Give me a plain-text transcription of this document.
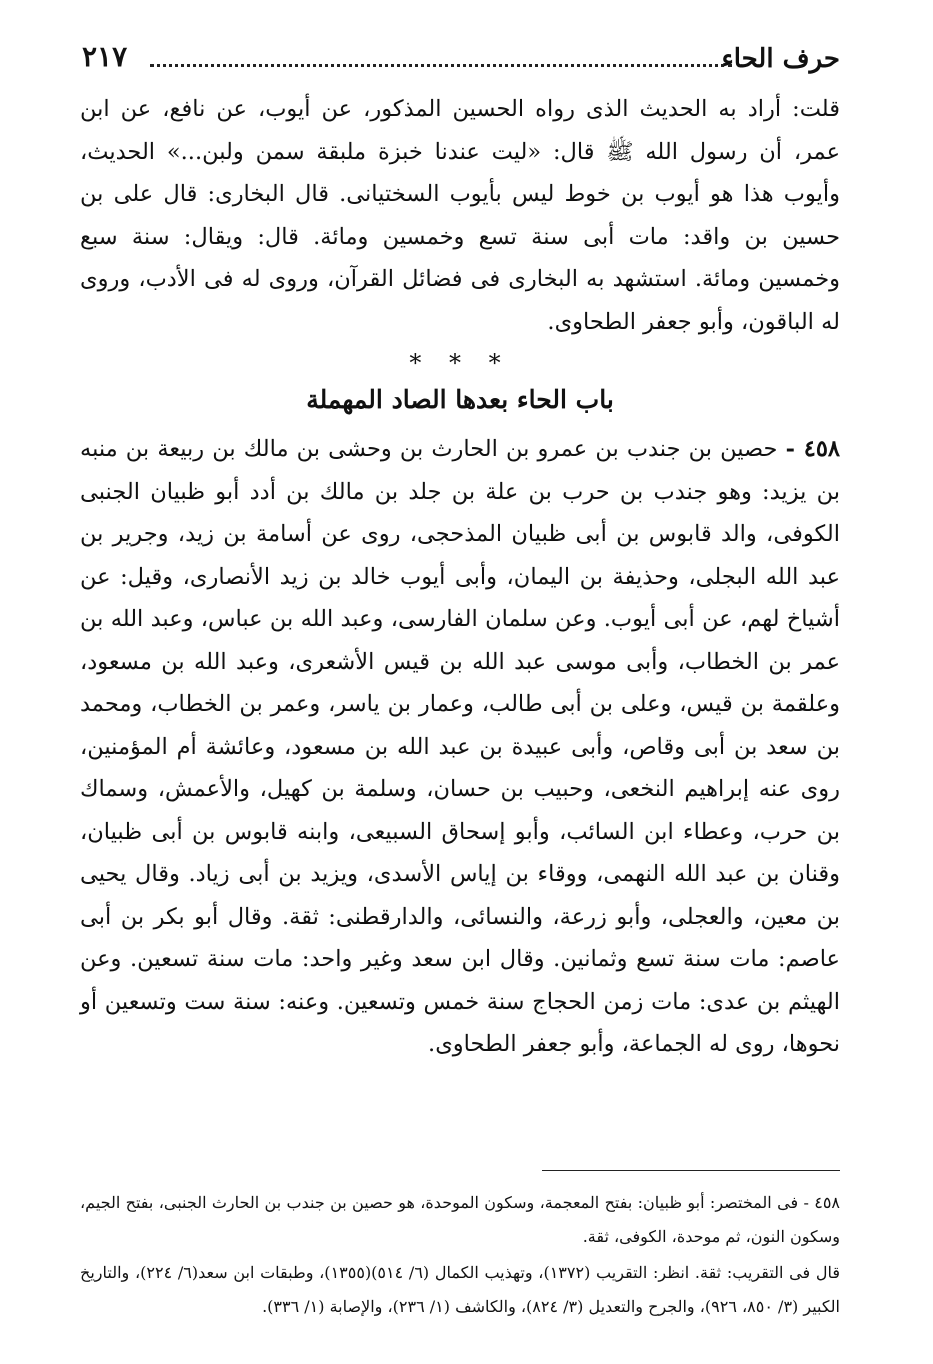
حرف الحاء
٢١٧

قلت: أراد به الحديث الذى رواه الحسين المذكور، عن أيوب، عن نافع، عن ابن عمر، أن رسول الله ﷺ قال: «ليت عندنا خبزة ملبقة سمن ولبن...» الحديث، وأيوب هذا هو أيوب بن خوط ليس بأيوب السختيانى. قال البخارى: قال على بن حسين بن واقد: مات أبى سنة تسع وخمسين ومائة. قال: ويقال: سنة سبع وخمسين ومائة. استشهد به البخارى فى فضائل القرآن، وروى له فى الأدب، وروى له الباقون، وأبو جعفر الطحاوى.

* * *
باب الحاء بعدها الصاد المهملة

٤٥٨ - حصين بن جندب بن عمرو بن الحارث بن وحشى بن مالك بن ربيعة بن منبه بن يزيد: وهو جندب بن حرب بن علة بن جلد بن مالك بن أدد أبو ظبيان الجنبى الكوفى، والد قابوس بن أبى ظبيان المذحجى، روى عن أسامة بن زيد، وجرير بن عبد الله البجلى، وحذيفة بن اليمان، وأبى أيوب خالد بن زيد الأنصارى، وقيل: عن أشياخ لهم، عن أبى أيوب. وعن سلمان الفارسى، وعبد الله بن عباس، وعبد الله بن عمر بن الخطاب، وأبى موسى عبد الله بن قيس الأشعرى، وعبد الله بن مسعود، وعلقمة بن قيس، وعلى بن أبى طالب، وعمار بن ياسر، وعمر بن الخطاب، ومحمد بن سعد بن أبى وقاص، وأبى عبيدة بن عبد الله بن مسعود، وعائشة أم المؤمنين، روى عنه إبراهيم النخعى، وحبيب بن حسان، وسلمة بن كهيل، والأعمش، وسماك بن حرب، وعطاء ابن السائب، وأبو إسحاق السبيعى، وابنه قابوس بن أبى ظبيان، وقنان بن عبد الله النهمى، ووقاء بن إياس الأسدى، ويزيد بن أبى زياد. وقال يحيى بن معين، والعجلى، وأبو زرعة، والنسائى، والدارقطنى: ثقة. وقال أبو بكر بن أبى عاصم: مات سنة تسع وثمانين. وقال ابن سعد وغير واحد: مات سنة تسعين. وعن الهيثم بن عدى: مات زمن الحجاج سنة خمس وتسعين. وعنه: سنة ست وتسعين أو نحوها، روى له الجماعة، وأبو جعفر الطحاوى.

٤٥٨ - فى المختصر: أبو ظبيان: بفتح المعجمة، وسكون الموحدة، هو حصين بن جندب بن الحارث الجنبى، بفتح الجيم، وسكون النون، ثم موحدة، الكوفى، ثقة.

قال فى التقريب: ثقة. انظر: التقريب (١٣٧٢)، وتهذيب الكمال (٦/ ٥١٤)(١٣٥٥)، وطبقات ابن سعد(٦/ ٢٢٤)، والتاريخ الكبير (٣/ ٨٥٠، ٩٢٦)، والجرح والتعديل (٣/ ٨٢٤)، والكاشف (١/ ٢٣٦)، والإصابة (١/ ٣٣٦).
